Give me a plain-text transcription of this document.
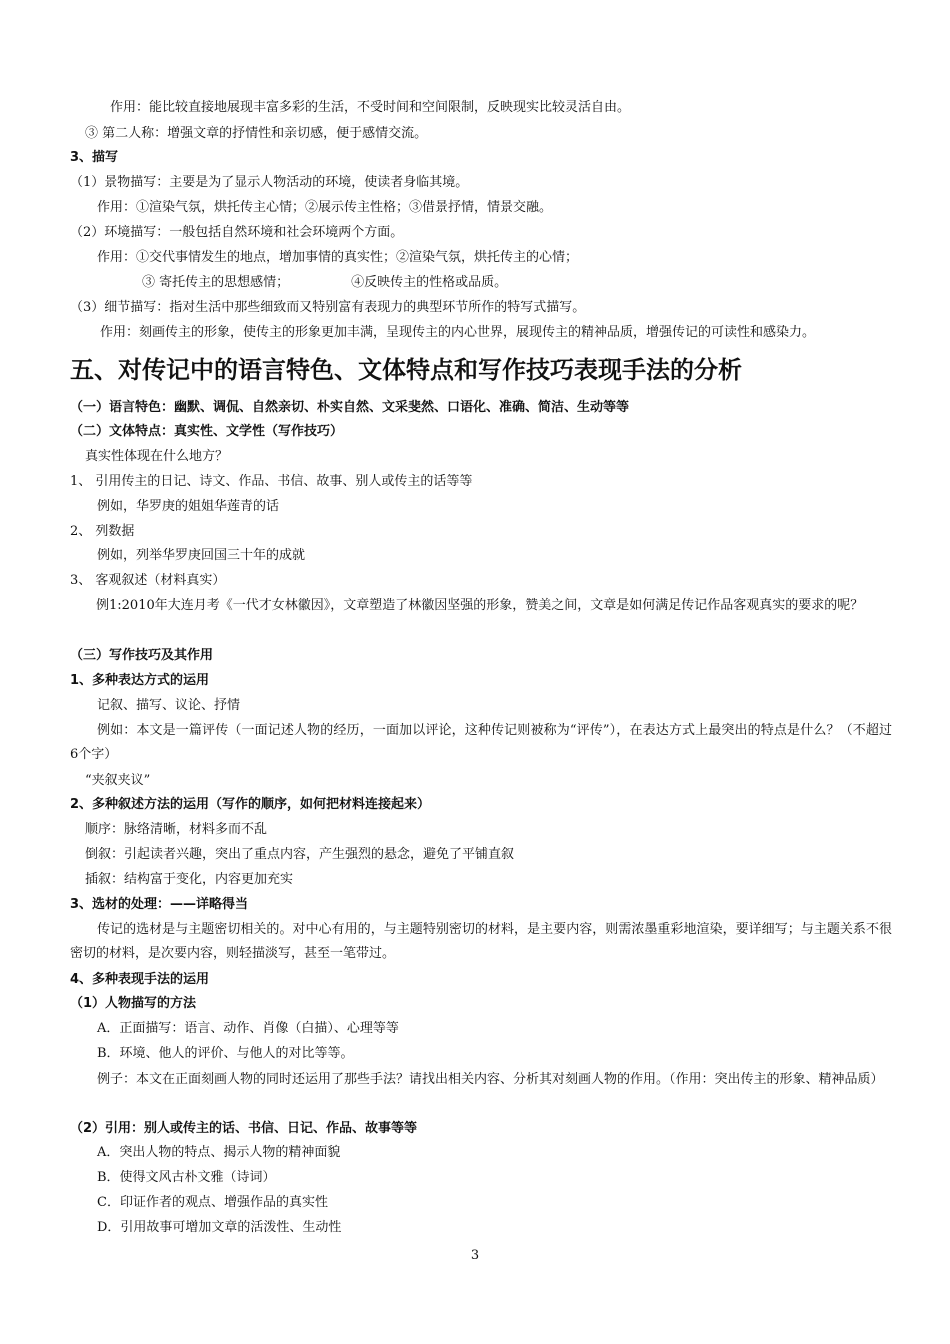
作用：能比较直接地展现丰富多彩的生活，不受时间和空间限制，反映现实比较灵活自由。
③ 第二人称：增强文章的抒情性和亲切感，便于感情交流。
3、描写
（1）景物描写：主要是为了显示人物活动的环境，使读者身临其境。
作用：①渲染气氛，烘托传主心情；②展示传主性格；③借景抒情，情景交融。
（2）环境描写：一般包括自然环境和社会环境两个方面。
作用：①交代事情发生的地点，增加事情的真实性；②渲染气氛，烘托传主的心情；
③ 寄托传主的思想感情；	④反映传主的性格或品质。
（3）细节描写：指对生活中那些细致而又特别富有表现力的典型环节所作的特写式描写。
作用：刻画传主的形象，使传主的形象更加丰满，呈现传主的内心世界，展现传主的精神品质，增强传记的可读性和感染力。
五、对传记中的语言特色、文体特点和写作技巧表现手法的分析
（一）语言特色：幽默、调侃、自然亲切、朴实自然、文采斐然、口语化、准确、简洁、生动等等
（二）文体特点：真实性、文学性（写作技巧）
真实性体现在什么地方？
1、 引用传主的日记、诗文、作品、书信、故事、别人或传主的话等等
例如，华罗庚的姐姐华莲青的话
2、 列数据
例如，列举华罗庚回国三十年的成就
3、 客观叙述（材料真实）
例1:2010年大连月考《一代才女林徽因》，文章塑造了林徽因坚强的形象，赞美之间，文章是如何满足传记作品客观真实的要求的呢？
（三）写作技巧及其作用
1、多种表达方式的运用
记叙、描写、议论、抒情
例如：本文是一篇评传（一面记述人物的经历，一面加以评论，这种传记则被称为“评传”），在表达方式上最突出的特点是什么？（不超过6个字）
“夹叙夹议”
2、多种叙述方法的运用（写作的顺序，如何把材料连接起来）
顺序：脉络清晰，材料多而不乱
倒叙：引起读者兴趣，突出了重点内容，产生强烈的悬念，避免了平铺直叙
插叙：结构富于变化，内容更加充实
3、选材的处理：——详略得当
传记的选材是与主题密切相关的。对中心有用的，与主题特别密切的材料，是主要内容，则需浓墨重彩地渲染，要详细写；与主题关系不很密切的材料，是次要内容，则轻描淡写，甚至一笔带过。
4、多种表现手法的运用
（1）人物描写的方法
A．正面描写：语言、动作、肖像（白描）、心理等等
B．环境、他人的评价、与他人的对比等等。
例子：本文在正面刻画人物的同时还运用了那些手法？请找出相关内容、分析其对刻画人物的作用。（作用：突出传主的形象、精神品质）
（2）引用：别人或传主的话、书信、日记、作品、故事等等
A．突出人物的特点、揭示人物的精神面貌
B．使得文风古朴文雅（诗词）
C．印证作者的观点、增强作品的真实性
D．引用故事可增加文章的活泼性、生动性
3
